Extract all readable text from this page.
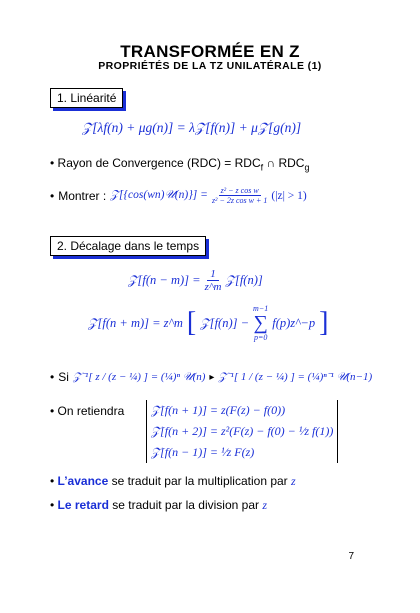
TRANSFORMÉE EN Z
PROPRIÉTÉS DE LA TZ UNILATÉRALE (1)
1. Linéarité
𝒵[λf(n) + μg(n)] = λ𝒵[f(n)] + μ𝒵[g(n)]
• Rayon de Convergence $(RDC) = RDC_f$ ∩ $RDC_g$
• Montrer : 𝒵[{cos(wn)𝒰(n)}] = $\frac{\text{z² − z cos w}}{\text{z² − 2z cos w + 1}} (|z| > 1)$
2. Décalage dans le temps
𝒵[f(n − $m)] = \frac{1}{z\^{}m}$ 𝒵[f(n)]
𝒵[f(n + m)] = z^m [ 𝒵[f(n)] −
m−1
∑
p=0
f(p)z^−p ]
• Si 𝒵⁻¹[ z / (z − ¼) ] = (¼)ⁿ 𝒰(n) ▸ 𝒵⁻¹[ 1 / (z − ¼) ] = (¼)ⁿ⁻¹ 𝒰(n−1)
• On retiendra 𝒵[f(n + 1)] = z(F(z) − f(0))
𝒵[f(n + 2)] = z²(F(z) − f(0) − ¹⁄z f(1))
𝒵[f(n − 1)] = ¹⁄z F(z)
• L’avance se traduit par la multiplication par z
• Le retard se traduit par la division par z
7
